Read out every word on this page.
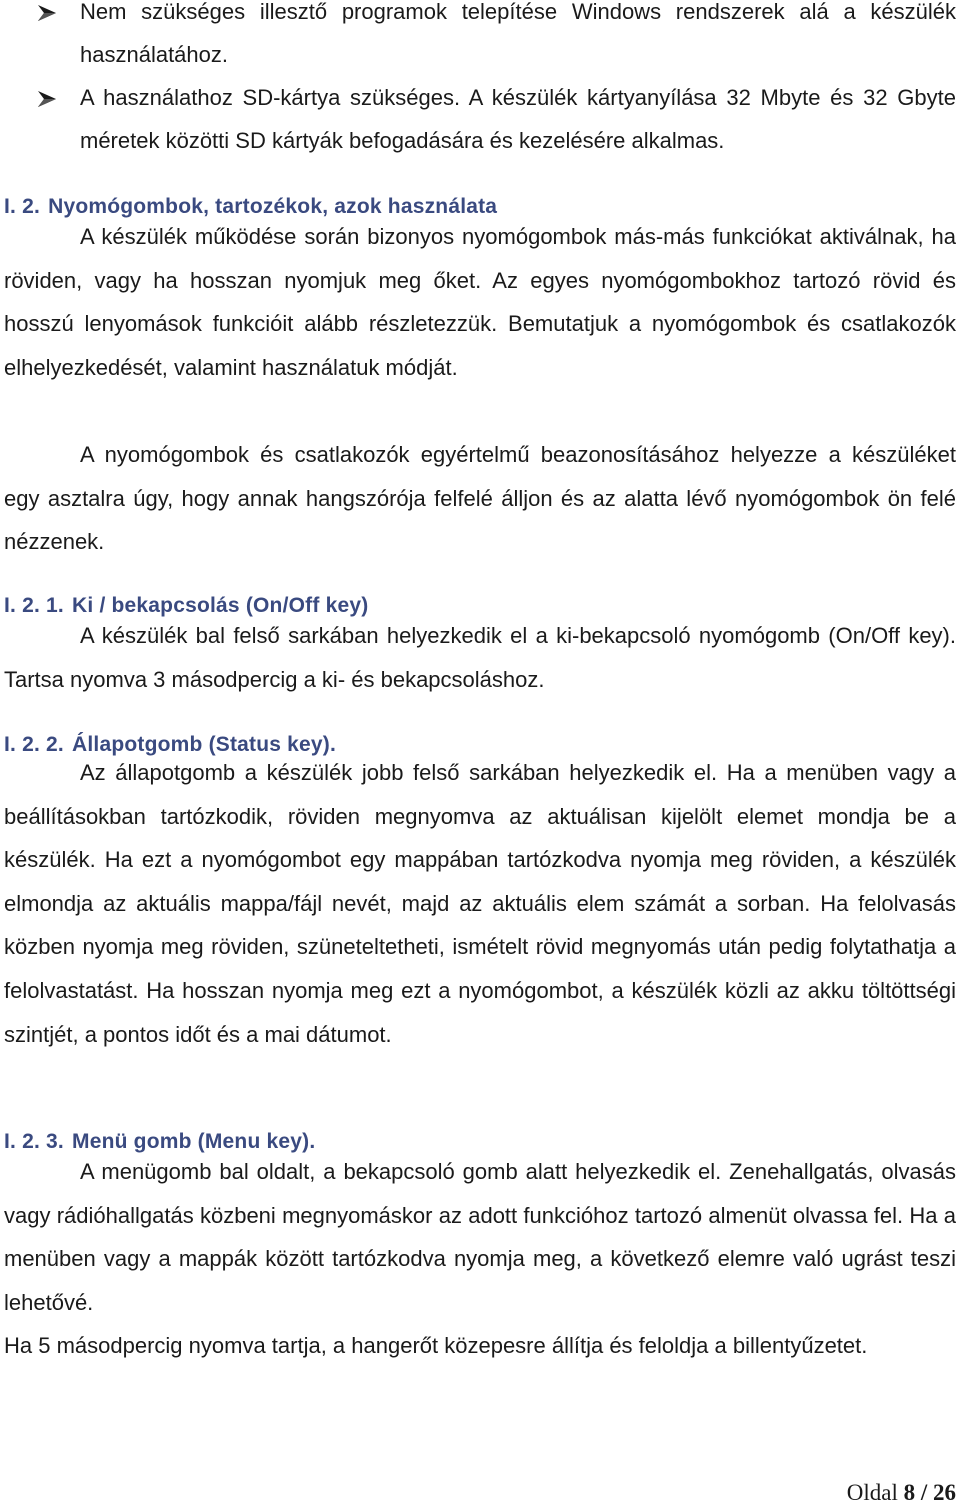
Nem szükséges illesztő programok telepítése Windows rendszerek alá a készülék használatához.
A használathoz SD-kártya szükséges. A készülék kártyanyílása 32 Mbyte és 32 Gbyte méretek közötti SD kártyák befogadására és kezelésére alkalmas.
I. 2. Nyomógombok, tartozékok, azok használata

A készülék működése során bizonyos nyomógombok más-más funkciókat aktiválnak, ha röviden, vagy ha hosszan nyomjuk meg őket. Az egyes nyomógombokhoz tartozó rövid és hosszú lenyomások funkcióit alább részletezzük. Bemutatjuk a nyomógombok és csatlakozók elhelyezkedését, valamint használatuk módját.

A nyomógombok és csatlakozók egyértelmű beazonosításához helyezze a készüléket egy asztalra úgy, hogy annak hangszórója felfelé álljon és az alatta lévő nyomógombok ön felé nézzenek.

I. 2. 1. Ki / bekapcsolás (On/Off key)

A készülék bal felső sarkában helyezkedik el a ki-bekapcsoló nyomógomb (On/Off key). Tartsa nyomva 3 másodpercig a ki- és bekapcsoláshoz.

I. 2. 2. Állapotgomb (Status key).

Az állapotgomb a készülék jobb felső sarkában helyezkedik el. Ha a menüben vagy a beállításokban tartózkodik, röviden megnyomva az aktuálisan kijelölt elemet mondja be a készülék. Ha ezt a nyomógombot egy mappában tartózkodva nyomja meg röviden, a készülék elmondja az aktuális mappa/fájl nevét, majd az aktuális elem számát a sorban. Ha felolvasás közben nyomja meg röviden, szüneteltetheti, ismételt rövid megnyomás után pedig folytathatja a felolvastatást. Ha hosszan nyomja meg ezt a nyomógombot, a készülék közli az akku töltöttségi szintjét, a pontos időt és a mai dátumot.

I. 2. 3. Menü gomb (Menu key).

A menügomb bal oldalt, a bekapcsoló gomb alatt helyezkedik el. Zenehallgatás, olvasás vagy rádióhallgatás közbeni megnyomáskor az adott funkcióhoz tartozó almenüt olvassa fel. Ha a menüben vagy a mappák között tartózkodva nyomja meg, a következő elemre való ugrást teszi lehetővé.

Ha 5 másodpercig nyomva tartja, a hangerőt közepesre állítja és feloldja a billentyűzetet.

Oldal 8 / 26
